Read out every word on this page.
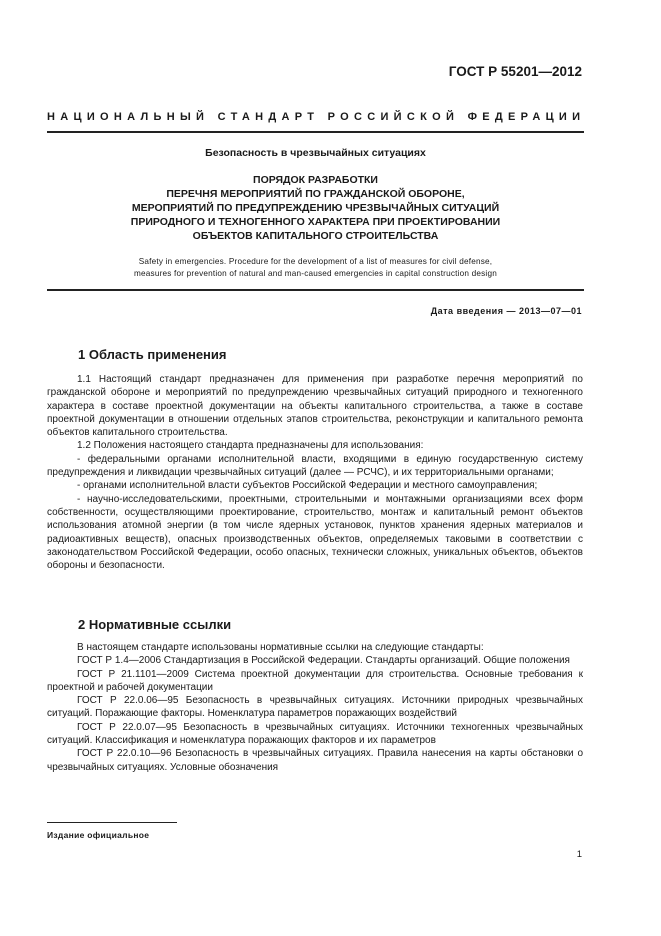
ГОСТ Р 55201—2012
НАЦИОНАЛЬНЫЙ СТАНДАРТ РОССИЙСКОЙ ФЕДЕРАЦИИ
Безопасность в чрезвычайных ситуациях
ПОРЯДОК РАЗРАБОТКИ
ПЕРЕЧНЯ МЕРОПРИЯТИЙ ПО ГРАЖДАНСКОЙ ОБОРОНЕ,
МЕРОПРИЯТИЙ ПО ПРЕДУПРЕЖДЕНИЮ ЧРЕЗВЫЧАЙНЫХ СИТУАЦИЙ
ПРИРОДНОГО И ТЕХНОГЕННОГО ХАРАКТЕРА ПРИ ПРОЕКТИРОВАНИИ
ОБЪЕКТОВ КАПИТАЛЬНОГО СТРОИТЕЛЬСТВА
Safety in emergencies. Procedure for the development of a list of measures for civil defense,
measures for prevention of natural and man-caused emergencies in capital construction design
Дата введения — 2013—07—01
1 Область применения

1.1 Настоящий стандарт предназначен для применения при разработке перечня мероприятий по гражданской обороне и мероприятий по предупреждению чрезвычайных ситуаций природного и техногенного характера в составе проектной документации на объекты капитального строительства, а также в составе проектной документации в отношении отдельных этапов строительства, реконструкции и капитального ремонта объектов капитального строительства.

1.2 Положения настоящего стандарта предназначены для использования:

- федеральными органами исполнительной власти, входящими в единую государственную систему предупреждения и ликвидации чрезвычайных ситуаций (далее — РСЧС), и их территориальными органами;

- органами исполнительной власти субъектов Российской Федерации и местного самоуправления;

- научно-исследовательскими, проектными, строительными и монтажными организациями всех форм собственности, осуществляющими проектирование, строительство, монтаж и капитальный ремонт объектов использования атомной энергии (в том числе ядерных установок, пунктов хранения ядерных материалов и радиоактивных веществ), опасных производственных объектов, определяемых таковыми в соответствии с законодательством Российской Федерации, особо опасных, технически сложных, уникальных объектов, объектов обороны и безопасности.

2 Нормативные ссылки

В настоящем стандарте использованы нормативные ссылки на следующие стандарты:

ГОСТ Р 1.4—2006 Стандартизация в Российской Федерации. Стандарты организаций. Общие положения

ГОСТ Р 21.1101—2009 Система проектной документации для строительства. Основные требования к проектной и рабочей документации

ГОСТ Р 22.0.06—95 Безопасность в чрезвычайных ситуациях. Источники природных чрезвычайных ситуаций. Поражающие факторы. Номенклатура параметров поражающих воздействий

ГОСТ Р 22.0.07—95 Безопасность в чрезвычайных ситуациях. Источники техногенных чрезвычайных ситуаций. Классификация и номенклатура поражающих факторов и их параметров

ГОСТ Р 22.0.10—96 Безопасность в чрезвычайных ситуациях. Правила нанесения на карты обстановки о чрезвычайных ситуациях. Условные обозначения

Издание официальное
1
